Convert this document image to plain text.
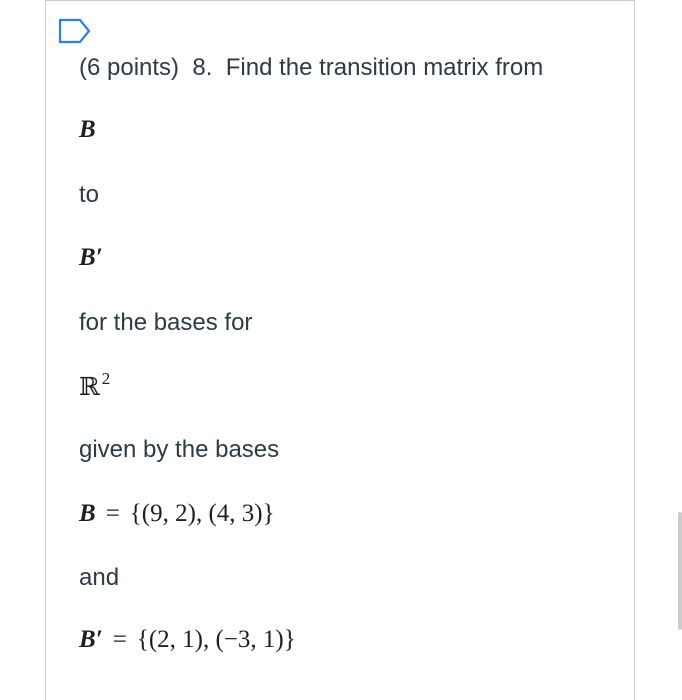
(6 points) 8. Find the transition matrix from
B
to
B′
for the bases for
ℝ $^2$
given by the bases
B = {(9, 2), (4, 3)}
and
B′ = {(2, 1), (−3, 1)}
